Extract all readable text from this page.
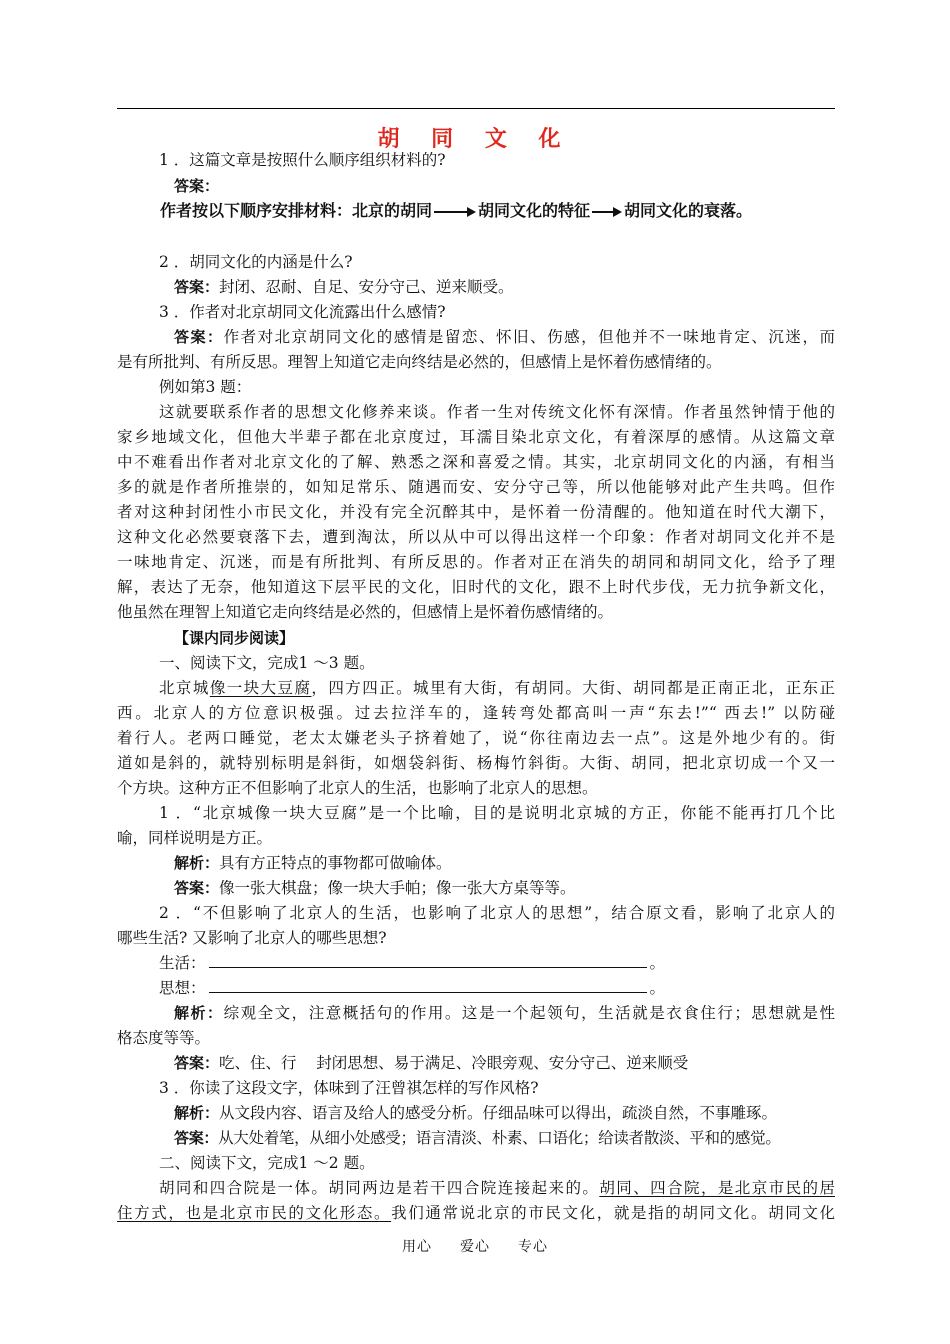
胡 同 文 化
1 ．这篇文章是按照什么顺序组织材料的?
答案：
作者按以下顺序安排材料：北京的胡同	胡同文化的特征 胡同文化的衰落。
2 ．胡同文化的内涵是什么?
答案：封闭、忍耐、自足、安分守己、逆来顺受。
3 ．作者对北京胡同文化流露出什么感情?
答案：作者对北京胡同文化的感情是留恋、怀旧、伤感，但他并不一味地肯定、沉迷，而
是有所批判、有所反思。理智上知道它走向终结是必然的，但感情上是怀着伤感情绪的。
例如第3 题：
这就要联系作者的思想文化修养来谈。作者一生对传统文化怀有深情。作者虽然钟情于他的
家乡地域文化，但他大半辈子都在北京度过，耳濡目染北京文化，有着深厚的感情。从这篇文章
中不难看出作者对北京文化的了解、熟悉之深和喜爱之情。其实，北京胡同文化的内涵，有相当
多的就是作者所推崇的，如知足常乐、随遇而安、安分守己等，所以他能够对此产生共鸣。但作
者对这种封闭性小市民文化，并没有完全沉醉其中，是怀着一份清醒的。他知道在时代大潮下，
这种文化必然要衰落下去，遭到淘汰，所以从中可以得出这样一个印象：作者对胡同文化并不是
一味地肯定、沉迷，而是有所批判、有所反思的。作者对正在消失的胡同和胡同文化，给予了理
解，表达了无奈，他知道这下层平民的文化，旧时代的文化，跟不上时代步伐，无力抗争新文化，
他虽然在理智上知道它走向终结是必然的，但感情上是怀着伤感情绪的。
【课内同步阅读】
一、阅读下文，完成1 ～3 题。
北京城像一块大豆腐，四方四正。城里有大街，有胡同。大街、胡同都是正南正北，正东正
西。北京人的方位意识极强。过去拉洋车的，逢转弯处都高叫一声“东去!”“ 西去!” 以防碰
着行人。老两口睡觉，老太太嫌老头子挤着她了，说“你往南边去一点”。这是外地少有的。街
道如是斜的，就特别标明是斜街，如烟袋斜街、杨梅竹斜街。大街、胡同，把北京切成一个又一
个方块。这种方正不但影响了北京人的生活，也影响了北京人的思想。
1 ．“北京城像一块大豆腐”是一个比喻，目的是说明北京城的方正，你能不能再打几个比
喻，同样说明是方正。
解析：具有方正特点的事物都可做喻体。
答案：像一张大棋盘；像一块大手帕；像一张大方桌等等。
2 ．“不但影响了北京人的生活，也影响了北京人的思想”，结合原文看，影响了北京人的
哪些生活? 又影响了北京人的哪些思想?
生活：	。
思想：	。
解析：综观全文，注意概括句的作用。这是一个起领句，生活就是衣食住行；思想就是性
格态度等等。
答案：吃、住、行    封闭思想、易于满足、冷眼旁观、安分守己、逆来顺受
3 ．你读了这段文字，体味到了汪曾祺怎样的写作风格?
解析：从文段内容、语言及给人的感受分析。仔细品味可以得出，疏淡自然，不事雕琢。
答案：从大处着笔，从细小处感受；语言清淡、朴素、口语化；给读者散淡、平和的感觉。
二、阅读下文，完成1 ～2 题。
胡同和四合院是一体。胡同两边是若干四合院连接起来的。胡同、四合院，是北京市民的居
住方式，也是北京市民的文化形态。我们通常说北京的市民文化，就是指的胡同文化。胡同文化
用心 爱心 专心
